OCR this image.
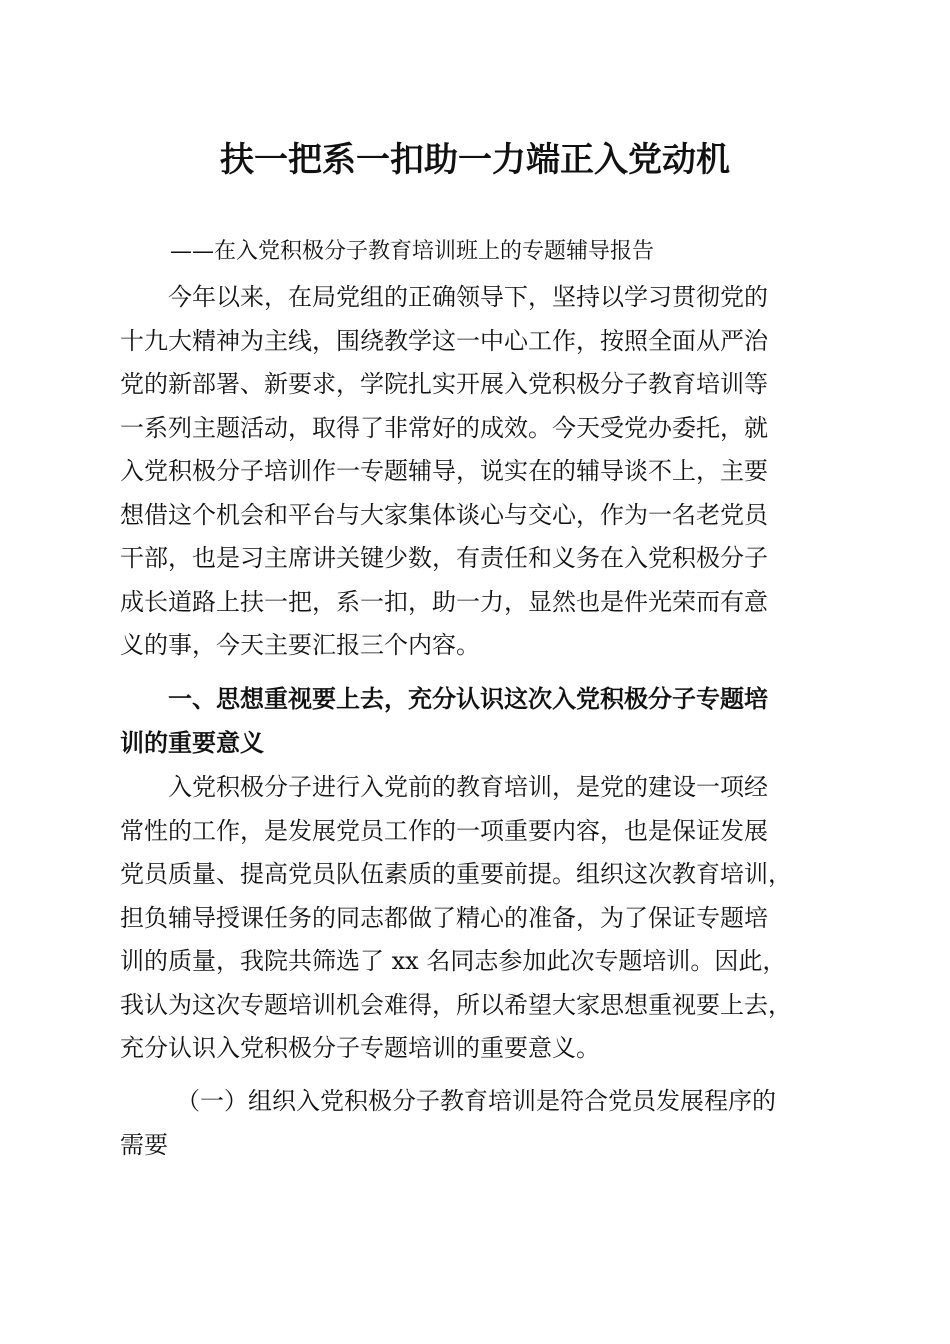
扶一把系一扣助一力端正入党动机

——在入党积极分子教育培训班上的专题辅导报告

今年以来，在局党组的正确领导下，坚持以学习贯彻党的
十九大精神为主线，围绕教学这一中心工作，按照全面从严治
党的新部署、新要求，学院扎实开展入党积极分子教育培训等
一系列主题活动，取得了非常好的成效。今天受党办委托，就
入党积极分子培训作一专题辅导，说实在的辅导谈不上，主要
想借这个机会和平台与大家集体谈心与交心，作为一名老党员
干部，也是习主席讲关键少数，有责任和义务在入党积极分子
成长道路上扶一把，系一扣，助一力，显然也是件光荣而有意
义的事，今天主要汇报三个内容。
一、思想重视要上去，充分认识这次入党积极分子专题培
训的重要意义
入党积极分子进行入党前的教育培训，是党的建设一项经
常性的工作，是发展党员工作的一项重要内容，也是保证发展
党员质量、提高党员队伍素质的重要前提。组织这次教育培训，
担负辅导授课任务的同志都做了精心的准备，为了保证专题培
训的质量，我院共筛选了 xx 名同志参加此次专题培训。因此，
我认为这次专题培训机会难得，所以希望大家思想重视要上去，
充分认识入党积极分子专题培训的重要意义。
（一）组织入党积极分子教育培训是符合党员发展程序的
需要
